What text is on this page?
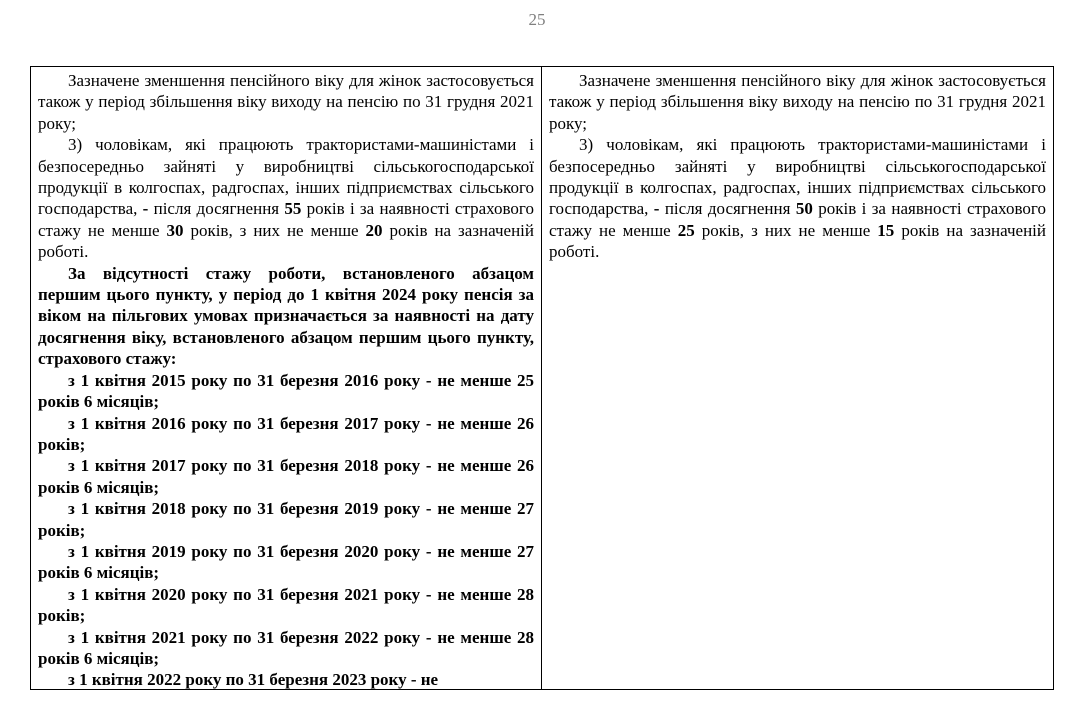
25

Зазначене зменшення пенсійного віку для жінок застосовується також у період збільшення віку виходу на пенсію по 31 грудня 2021 року;

3) чоловікам, які працюють трактористами-машиністами і безпосередньо зайняті у виробництві сільськогосподарської продукції в колгоспах, радгоспах, інших підприємствах сільського господарства, - після досягнення 55 років і за наявності страхового стажу не менше 30 років, з них не менше 20 років на зазначеній роботі.

За відсутності стажу роботи, встановленого абзацом першим цього пункту, у період до 1 квітня 2024 року пенсія за віком на пільгових умовах призначається за наявності на дату досягнення віку, встановленого абзацом першим цього пункту, страхового стажу:

з 1 квітня 2015 року по 31 березня 2016 року - не менше 25 років 6 місяців;

з 1 квітня 2016 року по 31 березня 2017 року - не менше 26 років;

з 1 квітня 2017 року по 31 березня 2018 року - не менше 26 років 6 місяців;

з 1 квітня 2018 року по 31 березня 2019 року - не менше 27 років;

з 1 квітня 2019 року по 31 березня 2020 року - не менше 27 років 6 місяців;

з 1 квітня 2020 року по 31 березня 2021 року - не менше 28 років;

з 1 квітня 2021 року по 31 березня 2022 року - не менше 28 років 6 місяців;

з 1 квітня 2022 року по 31 березня 2023 року - не

Зазначене зменшення пенсійного віку для жінок застосовується також у період збільшення віку виходу на пенсію по 31 грудня 2021 року;

3) чоловікам, які працюють трактористами-машиністами і безпосередньо зайняті у виробництві сільськогосподарської продукції в колгоспах, радгоспах, інших підприємствах сільського господарства, - після досягнення 50 років і за наявності страхового стажу не менше 25 років, з них не менше 15 років на зазначеній роботі.
